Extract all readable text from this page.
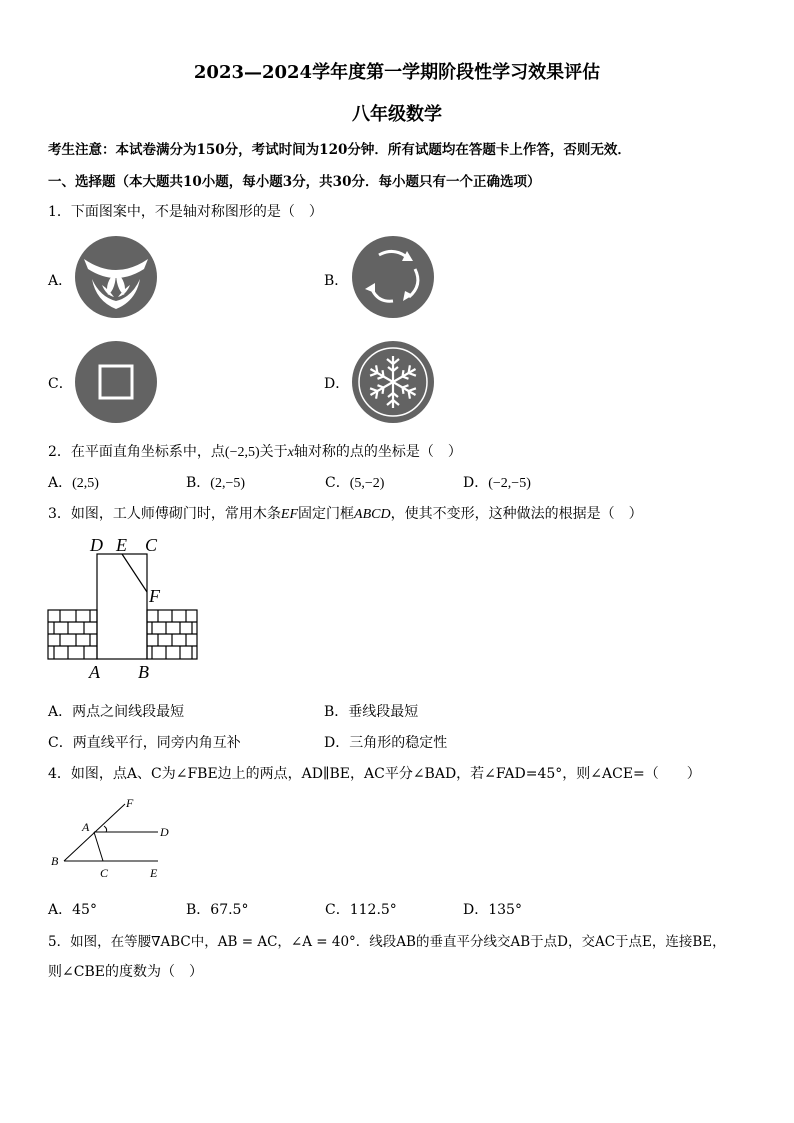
2023—2024学年度第一学期阶段性学习效果评估
八年级数学
考生注意：本试卷满分为150分，考试时间为120分钟．所有试题均在答题卡上作答，否则无效．
一、选择题（本大题共10小题，每小题3分，共30分．每小题只有一个正确选项）
1．下面图案中，不是轴对称图形的是（　）
A．	B．
C．	D．
2．在平面直角坐标系中，点(−2,5)关于x轴对称的点的坐标是（　）
A．(2,5)	B．(2,−5)	C．(5,−2)	D．(−2,−5)
3．如图，工人师傅砌门时，常用木条EF固定门框ABCD，使其不变形，这种做法的根据是（　）
D E C
F
A B
A．两点之间线段最短	B．垂线段最短
C．两直线平行，同旁内角互补	D．三角形的稳定性
4．如图，点A、C为∠FBE边上的两点，AD∥BE，AC平分∠BAD，若∠FAD=45°，则∠ACE=（　　）
F
A	D
B
C	E
A．45°	B．67.5°	C．112.5°	D．135°
5．如图，在等腰∇ABC中，AB = AC，∠A = 40°．线段AB的垂直平分线交AB于点D，交AC于点E，连接BE，
则∠CBE的度数为（　）
